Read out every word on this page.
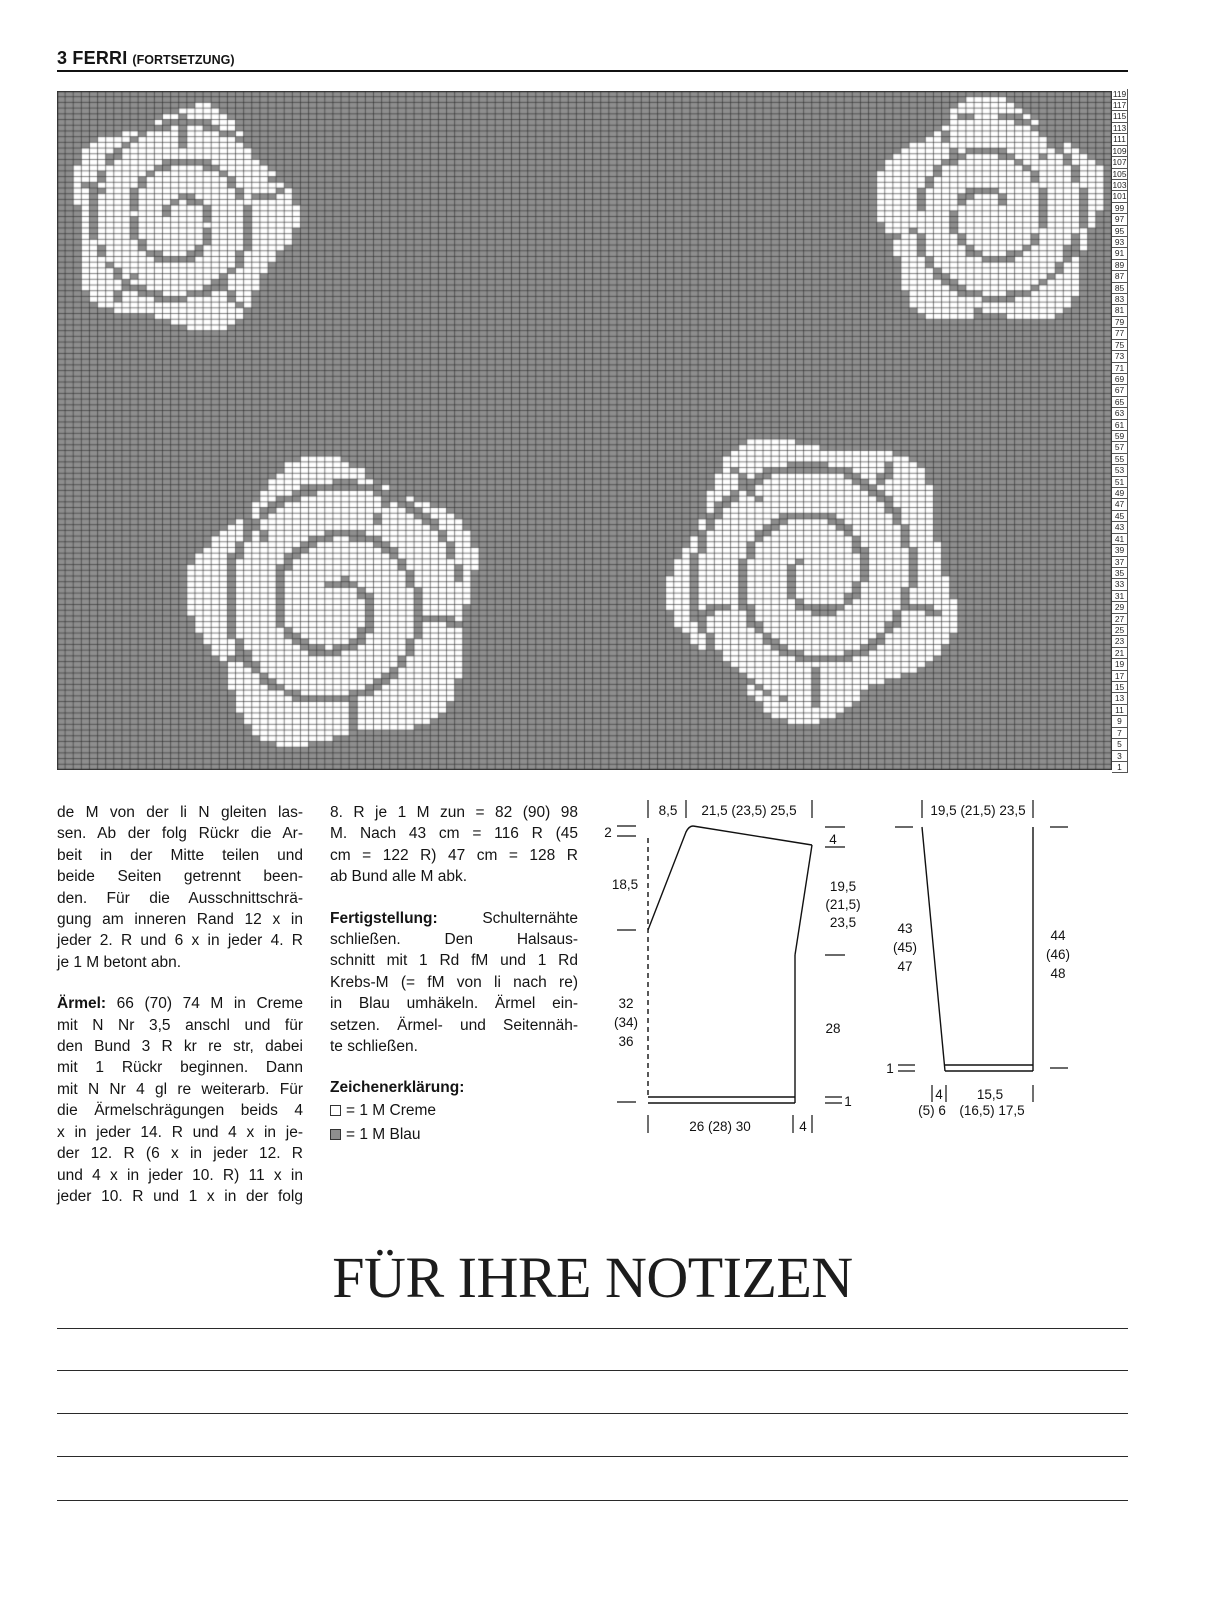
3 FERRI (FORTSETZUNG)
119
117
115
113
111
109
107
105
103
101
99
97
95
93
91
89
87
85
83
81
79
77
75
73
71
69
67
65
63
61
59
57
55
53
51
49
47
45
43
41
39
37
35
33
31
29
27
25
23
21
19
17
15
13
11
9
7
5
3
1
de M von der li N gleiten las-
sen. Ab der folg Rückr die Ar-
beit in der Mitte teilen und
beide Seiten getrennt been-
den. Für die Ausschnittschrä-
gung am inneren Rand 12 x in
jeder 2. R und 6 x in jeder 4. R
je 1 M betont abn.
Ärmel: 66 (70) 74 M in Creme
mit N Nr 3,5 anschl und für
den Bund 3 R kr re str, dabei
mit 1 Rückr beginnen. Dann
mit N Nr 4 gl re weiterarb. Für
die Ärmelschrägungen beids 4
x in jeder 14. R und 4 x in je-
der 12. R (6 x in jeder 12. R
und 4 x in jeder 10. R) 11 x in
jeder 10. R und 1 x in der folg
8. R je 1 M zun = 82 (90) 98
M. Nach 43 cm = 116 R (45
cm = 122 R) 47 cm = 128 R
ab Bund alle M abk.
Fertigstellung:	Schulternähte
schließen. Den Halsaus-
schnitt mit 1 Rd fM und 1 Rd
Krebs-M (= fM von li nach re)
in Blau umhäkeln. Ärmel ein-
setzen. Ärmel- und Seitennäh-
te schließen.
Zeichenerklärung:
= 1 M Creme
= 1 M Blau
8,5 21,5 (23,5) 25,5
2
18,5
32
(34)
36
4
19,5
(21,5)
23,5
28
1
26 (28) 30	4
19,5 (21,5) 23,5
43
(45)
47
44
(46)
48
1
4
(5) 6
15,5
(16,5) 17,5
FÜR IHRE NOTIZEN
